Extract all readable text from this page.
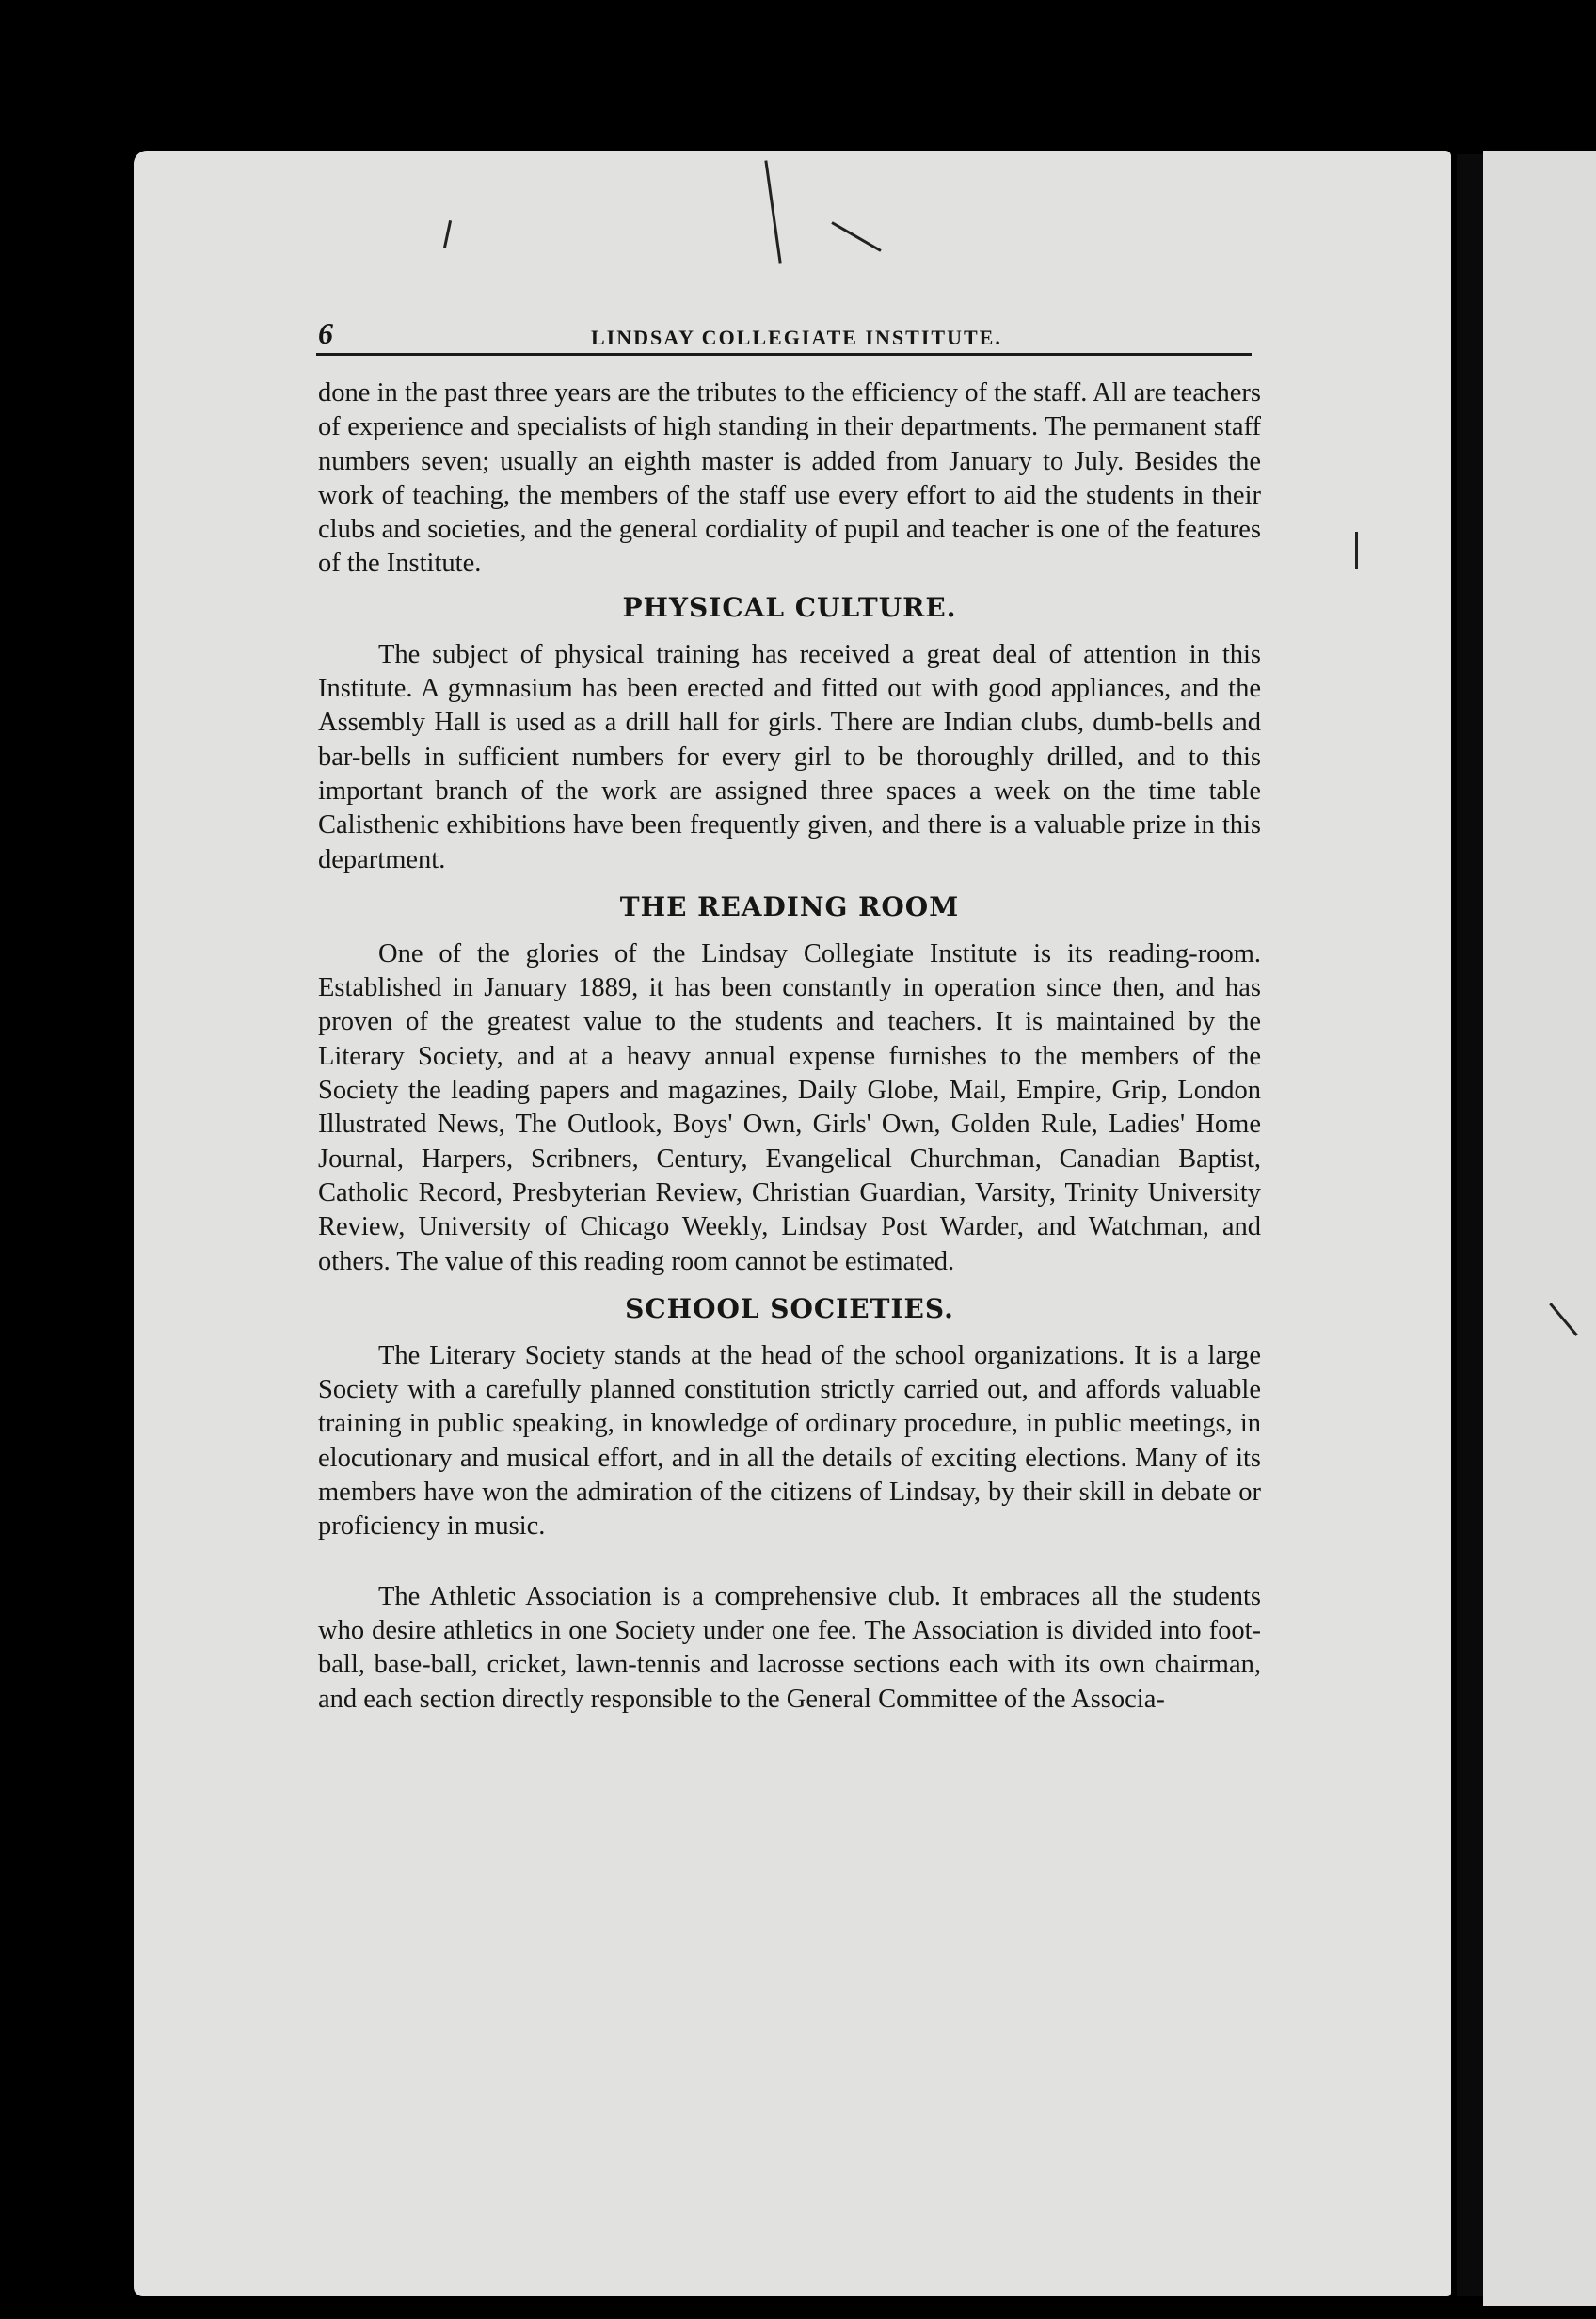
6	LINDSAY COLLEGIATE INSTITUTE.

done in the past three years are the tributes to the efficiency of the staff. All are teachers of experience and specialists of high standing in their departments. The permanent staff numbers seven; usually an eighth master is added from January to July. Besides the work of teaching, the members of the staff use every effort to aid the students in their clubs and societies, and the general cordiality of pupil and teacher is one of the features of the Institute.

PHYSICAL CULTURE.

The subject of physical training has received a great deal of attention in this Institute. A gymnasium has been erected and fitted out with good appliances, and the Assembly Hall is used as a drill hall for girls. There are Indian clubs, dumb-bells and bar-bells in sufficient numbers for every girl to be thoroughly drilled, and to this important branch of the work are assigned three spaces a week on the time table Calisthenic exhibitions have been frequently given, and there is a valuable prize in this department.

THE READING ROOM

One of the glories of the Lindsay Collegiate Institute is its reading-room. Established in January 1889, it has been constantly in operation since then, and has proven of the greatest value to the students and teachers. It is maintained by the Literary Society, and at a heavy annual expense furnishes to the members of the Society the leading papers and magazines, Daily Globe, Mail, Empire, Grip, London Illustrated News, The Outlook, Boys' Own, Girls' Own, Golden Rule, Ladies' Home Journal, Harpers, Scribners, Century, Evangelical Churchman, Canadian Baptist, Catholic Record, Presbyterian Review, Christian Guardian, Varsity, Trinity University Review, University of Chicago Weekly, Lindsay Post Warder, and Watchman, and others. The value of this reading room cannot be estimated.

SCHOOL SOCIETIES.

The Literary Society stands at the head of the school organizations. It is a large Society with a carefully planned constitution strictly carried out, and affords valuable training in public speaking, in knowledge of ordinary procedure, in public meetings, in elocutionary and musical effort, and in all the details of exciting elections. Many of its members have won the admiration of the citizens of Lindsay, by their skill in debate or proficiency in music.

The Athletic Association is a comprehensive club. It embraces all the students who desire athletics in one Society under one fee. The Association is divided into foot-ball, base-ball, cricket, lawn-tennis and lacrosse sections each with its own chairman, and each section directly responsible to the General Committee of the Associa-
